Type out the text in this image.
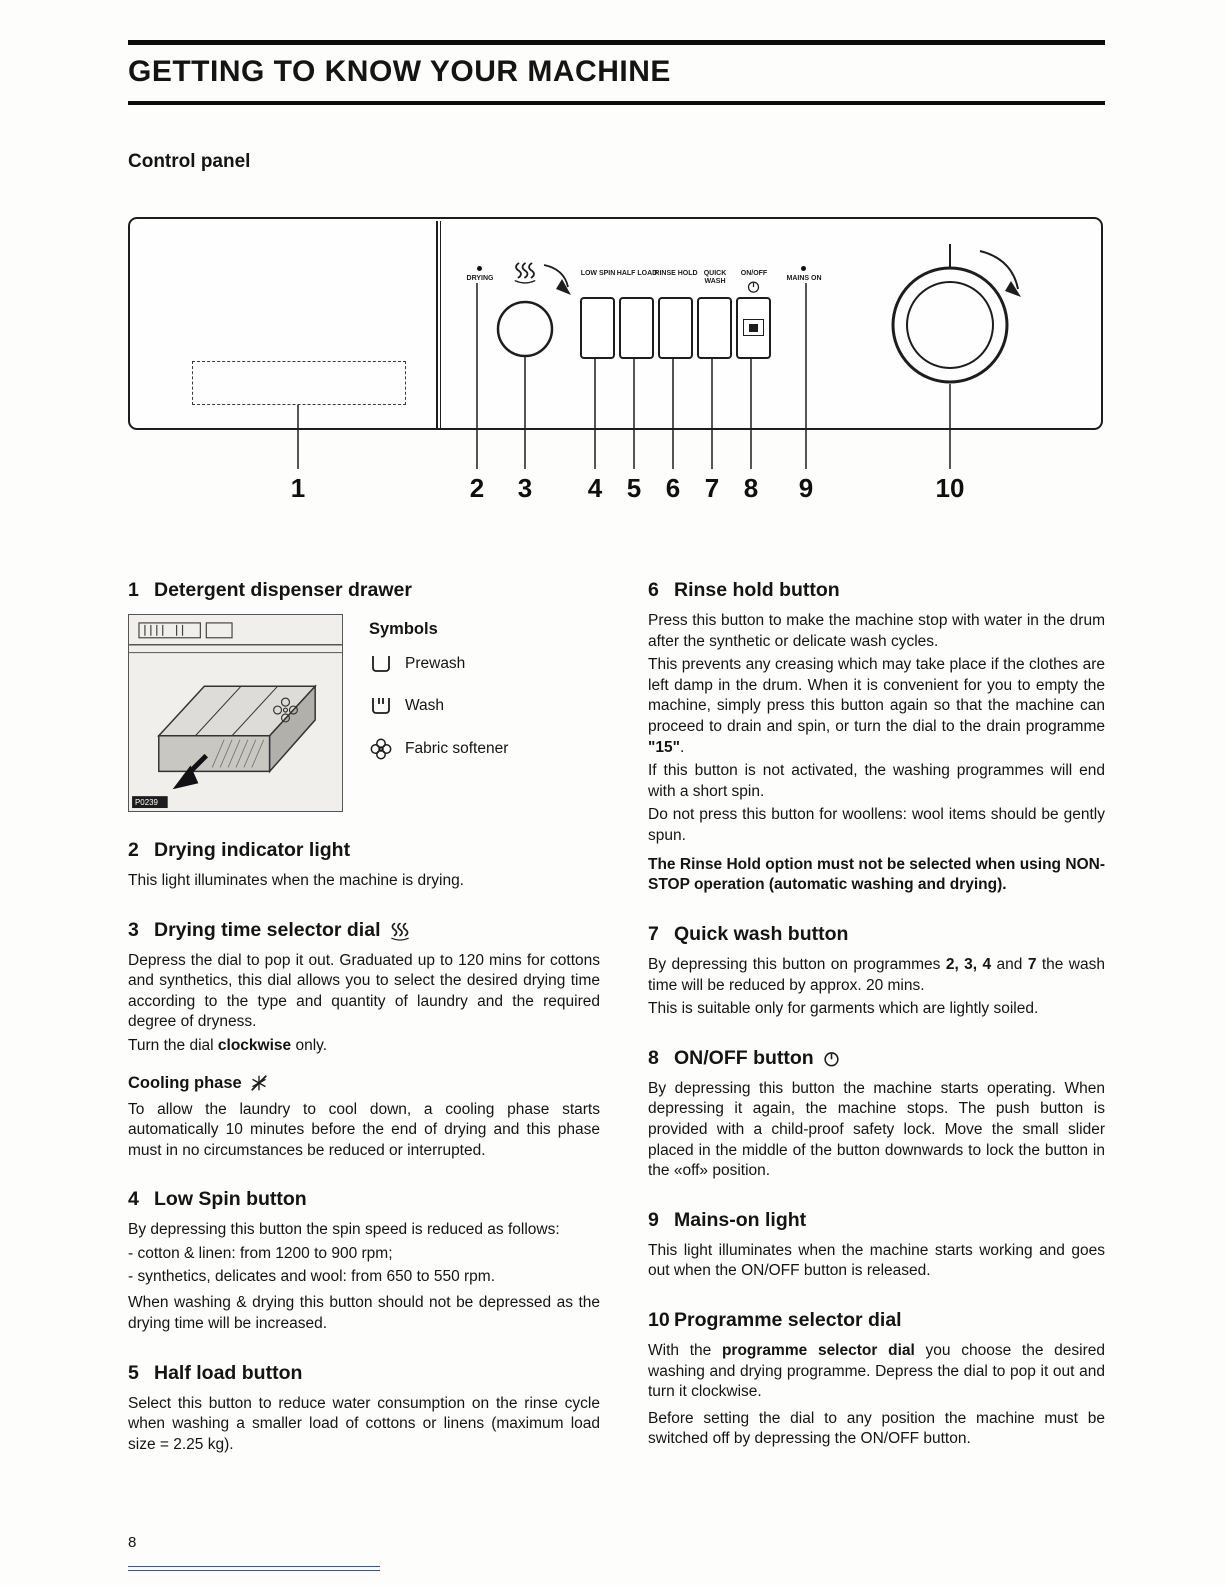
GETTING TO KNOW YOUR MACHINE
Control panel
DRYING
LOW SPIN HALF LOAD
RINSE HOLD QUICK WASH
ON/OFF
MAINS ON
1	2 3 4 5 6 7 8 9	10
1 Detergent dispenser drawer
P0239
Symbols
Prewash
Wash
Fabric softener
2 Drying indicator light

This light illuminates when the machine is drying.

3 Drying time selector dial

Depress the dial to pop it out. Graduated up to 120 mins for cottons and synthetics, this dial allows you to select the desired drying time according to the type and quantity of laundry and the required degree of dryness.

Turn the dial clockwise only.

Cooling phase

To allow the laundry to cool down, a cooling phase starts automatically 10 minutes before the end of drying and this phase must in no circumstances be reduced or interrupted.

4 Low Spin button

By depressing this button the spin speed is reduced as follows:

- cotton & linen: from 1200 to 900 rpm;
- synthetics, delicates and wool: from 650 to 550 rpm.

When washing & drying this button should not be depressed as the drying time will be increased.

5 Half load button

Select this button to reduce water consumption on the rinse cycle when washing a smaller load of cottons or linens (maximum load size = 2.25 kg).

6 Rinse hold button

Press this button to make the machine stop with water in the drum after the synthetic or delicate wash cycles.

This prevents any creasing which may take place if the clothes are left damp in the drum. When it is convenient for you to empty the machine, simply press this button again so that the machine can proceed to drain and spin, or turn the dial to the drain programme "15".

If this button is not activated, the washing programmes will end with a short spin.

Do not press this button for woollens: wool items should be gently spun.

The Rinse Hold option must not be selected when using NON-STOP operation (automatic washing and drying).

7 Quick wash button

By depressing this button on programmes 2, 3, 4 and 7 the wash time will be reduced by approx. 20 mins.

This is suitable only for garments which are lightly soiled.

8 ON/OFF button

By depressing this button the machine starts operating. When depressing it again, the machine stops. The push button is provided with a child-proof safety lock. Move the small slider placed in the middle of the button downwards to lock the button in the «off» position.

9 Mains-on light

This light illuminates when the machine starts working and goes out when the ON/OFF button is released.

10 Programme selector dial

With the programme selector dial you choose the desired washing and drying programme. Depress the dial to pop it out and turn it clockwise.

Before setting the dial to any position the machine must be switched off by depressing the ON/OFF button.

8
